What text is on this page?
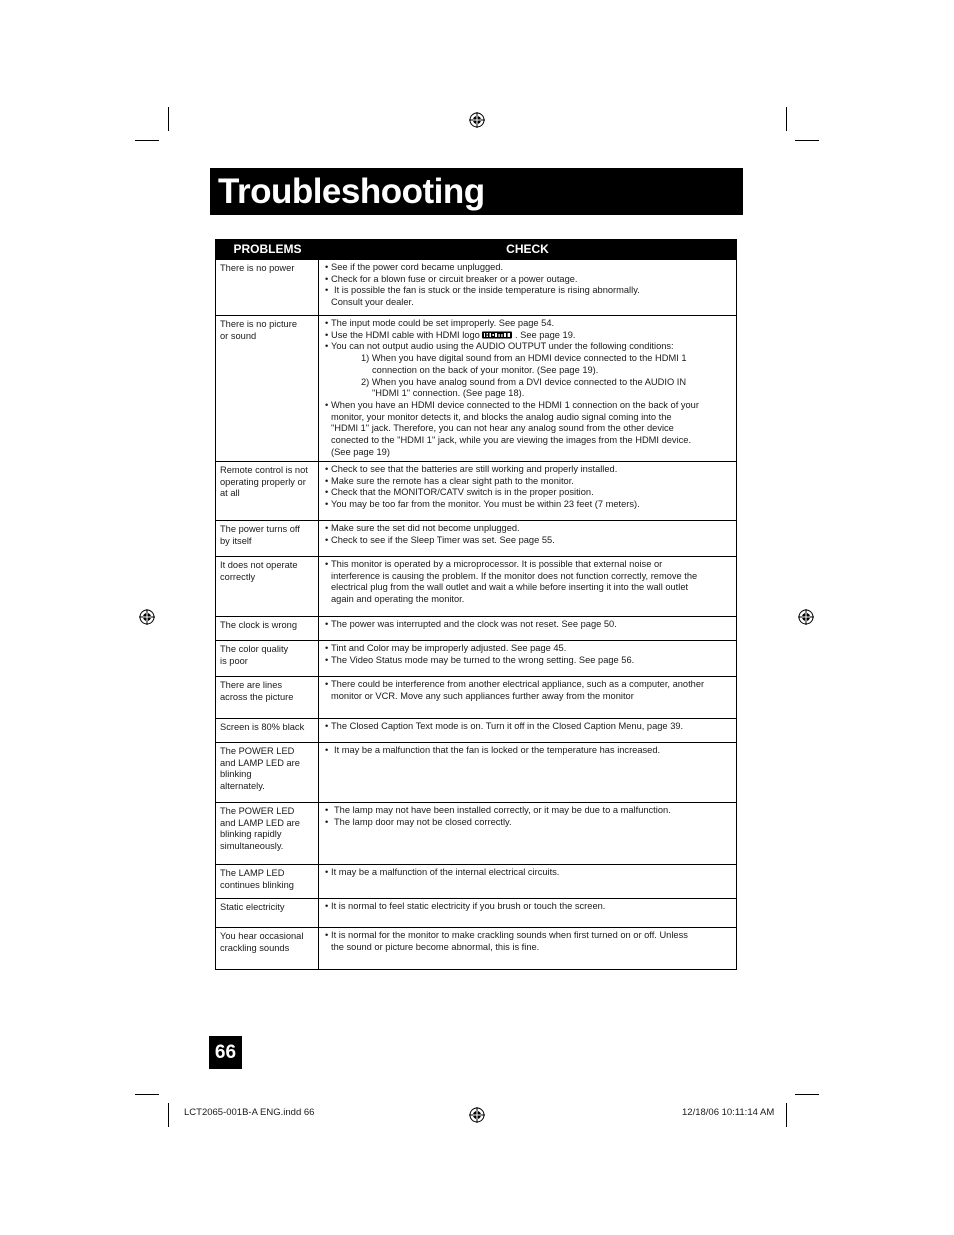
Troubleshooting
PROBLEMS	CHECK
There is no power	• See if the power cord became unplugged.
• Check for a blown fuse or circuit breaker or a power outage.
• It is possible the fan is stuck or the inside temperature is rising abnormally.
Consult your dealer.
There is no picture
or sound
• The input mode could be set improperly. See page 54.
• Use the HDMI cable with HDMI logo	. See page 19.
• You can not output audio using the AUDIO OUTPUT under the following conditions:
1) When you have digital sound from an HDMI device connected to the HDMI 1
connection on the back of your monitor. (See page 19).
2) When you have analog sound from a DVI device connected to the AUDIO IN
"HDMI 1" connection. (See page 18).
• When you have an HDMI device connected to the HDMI 1 connection on the back of your
monitor, your monitor detects it, and blocks the analog audio signal coming into the
"HDMI 1" jack. Therefore, you can not hear any analog sound from the other device
conected to the "HDMI 1" jack, while you are viewing the images from the HDMI device.
(See page 19)
Remote control is not
operating properly or
at all
• Check to see that the batteries are still working and properly installed.
• Make sure the remote has a clear sight path to the monitor.
• Check that the MONITOR/CATV switch is in the proper position.
• You may be too far from the monitor. You must be within 23 feet (7 meters).
The power turns off
by itself
• Make sure the set did not become unplugged.
• Check to see if the Sleep Timer was set. See page 55.
It does not operate
correctly
• This monitor is operated by a microprocessor. It is possible that external noise or
interference is causing the problem. If the monitor does not function correctly, remove the
electrical plug from the wall outlet and wait a while before inserting it into the wall outlet
again and operating the monitor.
The clock is wrong	• The power was interrupted and the clock was not reset. See page 50.
The color quality
is poor
• Tint and Color may be improperly adjusted. See page 45.
• The Video Status mode may be turned to the wrong setting. See page 56.
There are lines
across the picture
• There could be interference from another electrical appliance, such as a computer, another
monitor or VCR. Move any such appliances further away from the monitor
Screen is 80% black	• The Closed Caption Text mode is on. Turn it off in the Closed Caption Menu, page 39.
The POWER LED
and LAMP LED are
blinking
alternately.
• It may be a malfunction that the fan is locked or the temperature has increased.
The POWER LED
and LAMP LED are
blinking rapidly
simultaneously.
• The lamp may not have been installed correctly, or it may be due to a malfunction.
• The lamp door may not be closed correctly.
The LAMP LED
continues blinking
• It may be a malfunction of the internal electrical circuits.
Static electricity	• It is normal to feel static electricity if you brush or touch the screen.
You hear occasional
crackling sounds
• It is normal for the monitor to make crackling sounds when first turned on or off. Unless
the sound or picture become abnormal, this is fine.
66
LCT2065-001B-A ENG.indd 66	12/18/06 10:11:14 AM
